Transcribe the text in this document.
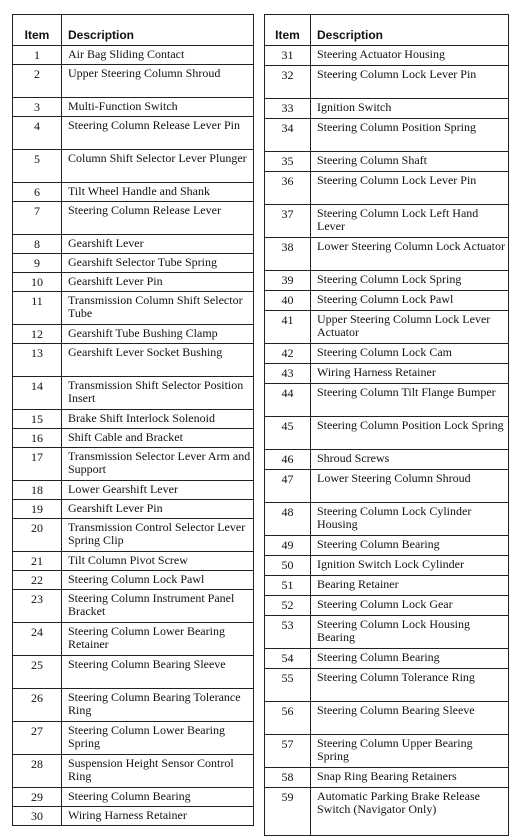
Item	Description
1	Air Bag Sliding Contact
2	Upper Steering Column Shroud
3	Multi-Function Switch
4	Steering Column Release Lever Pin
5	Column Shift Selector Lever Plunger
6	Tilt Wheel Handle and Shank
7	Steering Column Release Lever
8	Gearshift Lever
9	Gearshift Selector Tube Spring
10	Gearshift Lever Pin
11	Transmission Column Shift Selector Tube
12	Gearshift Tube Bushing Clamp
13	Gearshift Lever Socket Bushing
14	Transmission Shift Selector Position Insert
15	Brake Shift Interlock Solenoid
16	Shift Cable and Bracket
17	Transmission Selector Lever Arm and Support
18	Lower Gearshift Lever
19	Gearshift Lever Pin
20	Transmission Control Selector Lever Spring Clip
21	Tilt Column Pivot Screw
22	Steering Column Lock Pawl
23	Steering Column Instrument Panel Bracket
24	Steering Column Lower Bearing Retainer
25	Steering Column Bearing Sleeve
26	Steering Column Bearing Tolerance Ring
27	Steering Column Lower Bearing Spring
28	Suspension Height Sensor Control Ring
29	Steering Column Bearing
30	Wiring Harness Retainer
Item	Description
31	Steering Actuator Housing
32	Steering Column Lock Lever Pin
33	Ignition Switch
34	Steering Column Position Spring
35	Steering Column Shaft
36	Steering Column Lock Lever Pin
37	Steering Column Lock Left Hand Lever
38	Lower Steering Column Lock Actuator
39	Steering Column Lock Spring
40	Steering Column Lock Pawl
41	Upper Steering Column Lock Lever Actuator
42	Steering Column Lock Cam
43	Wiring Harness Retainer
44	Steering Column Tilt Flange Bumper
45	Steering Column Position Lock Spring
46	Shroud Screws
47	Lower Steering Column Shroud
48	Steering Column Lock Cylinder Housing
49	Steering Column Bearing
50	Ignition Switch Lock Cylinder
51	Bearing Retainer
52	Steering Column Lock Gear
53	Steering Column Lock Housing Bearing
54	Steering Column Bearing
55	Steering Column Tolerance Ring
56	Steering Column Bearing Sleeve
57	Steering Column Upper Bearing Spring
58	Snap Ring Bearing Retainers
59	Automatic Parking Brake Release Switch (Navigator Only)
